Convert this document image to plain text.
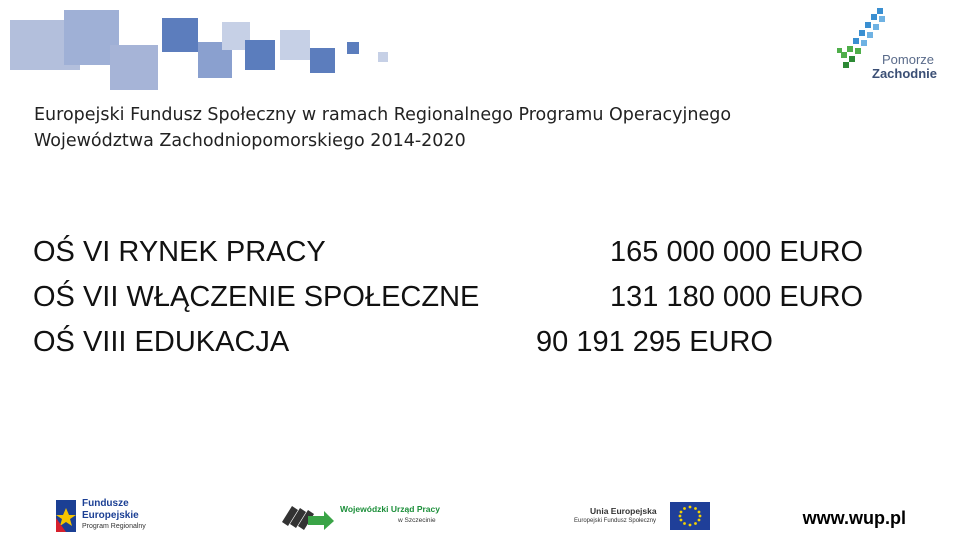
Pomorze
Zachodnie
Europejski Fundusz Społeczny w ramach Regionalnego Programu Operacyjnego
Województwa Zachodniopomorskiego 2014-2020
OŚ VI RYNEK PRACY	165 000 000 EURO
OŚ VII WŁĄCZENIE SPOŁECZNE	131 180 000 EURO
OŚ VIII EDUKACJA	90 191 295 EURO
Fundusze
Europejskie
Program Regionalny
Wojewódzki Urząd Pracy
w Szczecinie
Unia Europejska
Europejski Fundusz Społeczny	www.wup.pl
